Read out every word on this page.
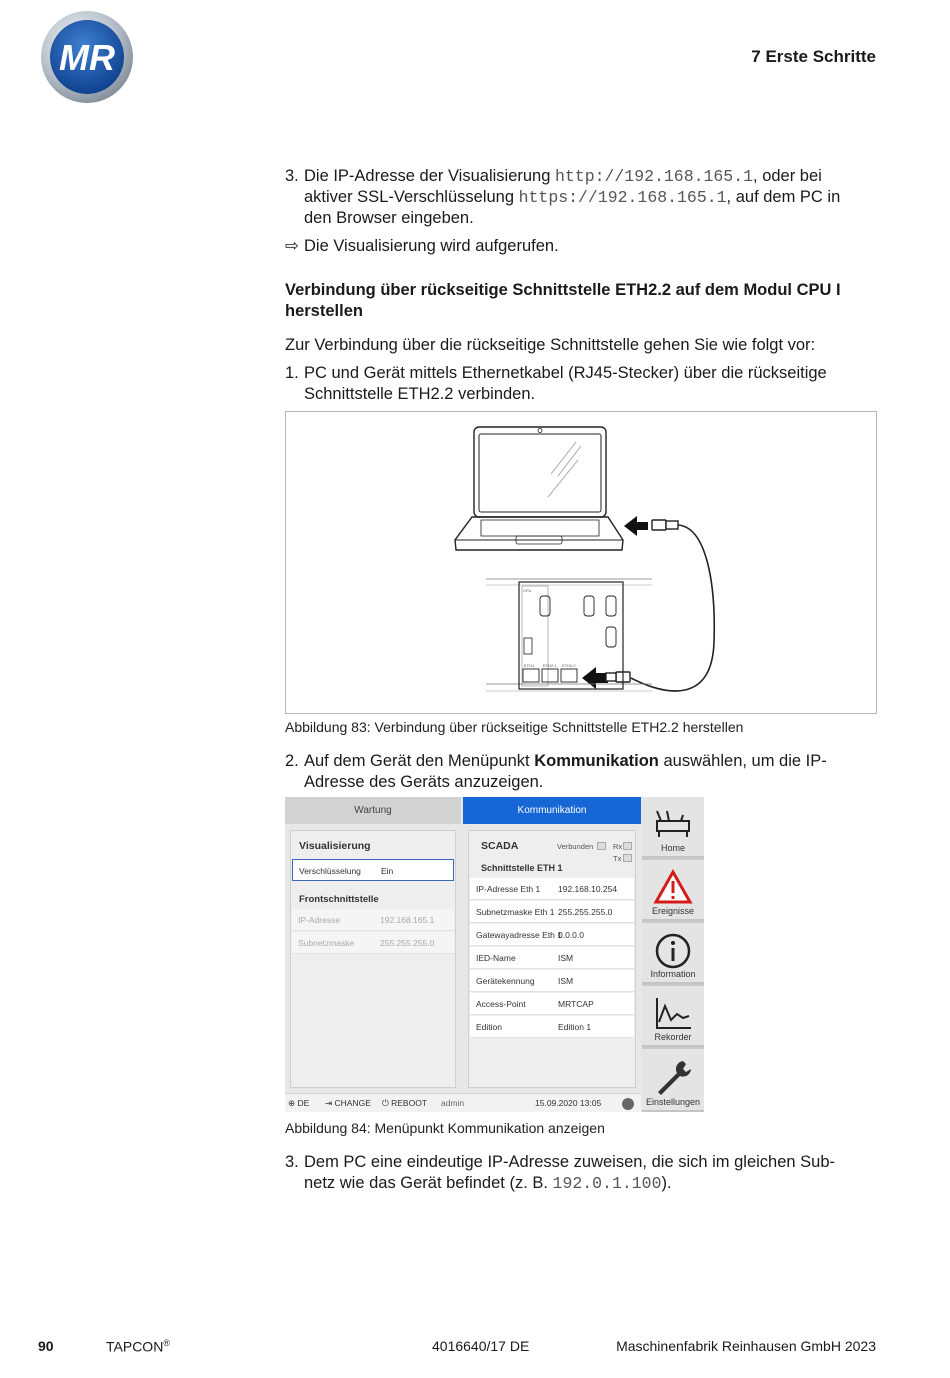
MR	7 Erste Schritte
3. Die IP-Adresse der Visualisierung http://192.168.165.1, oder bei
aktiver SSL-Verschlüsselung https://192.168.165.1, auf dem PC in
den Browser eingeben.
⇨ Die Visualisierung wird aufgerufen.
Verbindung über rückseitige Schnittstelle ETH2.2 auf dem Modul CPU I
herstellen
Zur Verbindung über die rückseitige Schnittstelle gehen Sie wie folgt vor:
1. PC und Gerät mittels Ethernetkabel (RJ45-Stecker) über die rückseitige
Schnittstelle ETH2.2 verbinden.
CPU
ETH1 ETH2.1 ETH2.2
Abbildung 83: Verbindung über rückseitige Schnittstelle ETH2.2 herstellen
2. Auf dem Gerät den Menüpunkt Kommunikation auswählen, um die IP-
Adresse des Geräts anzuzeigen.
Wartung	Kommunikation
Visualisierung
Verschlüsselung	Ein
Frontschnittstelle
IP-Adresse	192.168.165.1
Subnetzmaske	255.255.255.0
SCADA	Verbunden	Rx
Tx
Schnittstelle ETH 1
IP-Adresse Eth 1	192.168.10.254
Subnetzmaske Eth 1 255.255.255.0
Gatewayadresse Eth 1
0.0.0.0
IED-Name	ISM
Gerätekennung	ISM
Access-Point	MRTCAP
Edition	Edition 1
⊕ DE ⇥ CHANGE ⏻ REBOOT admin	15.09.2020 13:05
Home
Ereignisse
Information
Rekorder
Einstellungen
Abbildung 84: Menüpunkt Kommunikation anzeigen
3. Dem PC eine eindeutige IP-Adresse zuweisen, die sich im gleichen Sub-
netz wie das Gerät befindet (z. B. 192.0.1.100).
90	TAPCON®	4016640/17 DE	Maschinenfabrik Reinhausen GmbH 2023
